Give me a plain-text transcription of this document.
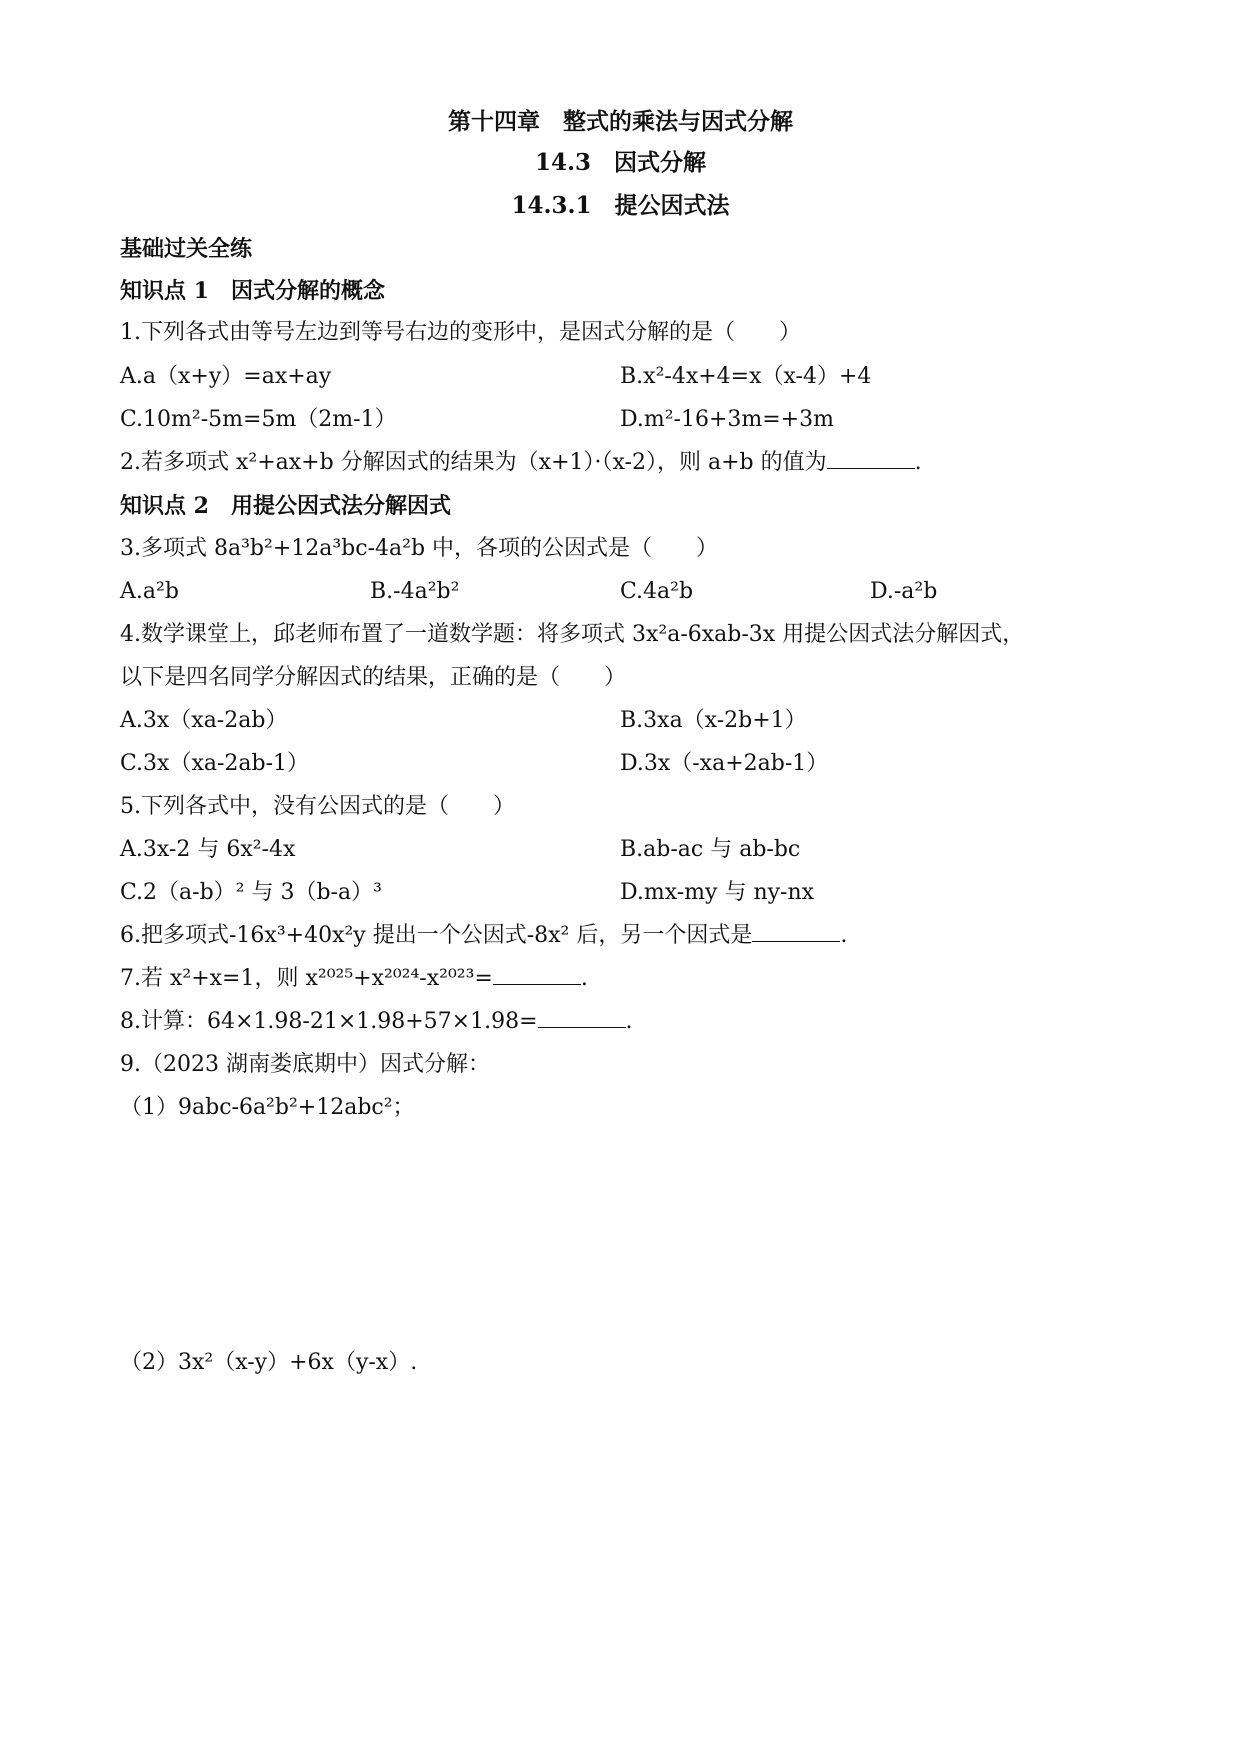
第十四章　整式的乘法与因式分解
14.3　因式分解
14.3.1　提公因式法
基础过关全练
知识点 1　因式分解的概念
1.下列各式由等号左边到等号右边的变形中，是因式分解的是（　　）
A.a（x+y）=ax+ay	B.x²-4x+4=x（x-4）+4
C.10m²-5m=5m（2m-1）	D.m²-16+3m=+3m
2.若多项式 x²+ax+b 分解因式的结果为（x+1）·（x-2），则 a+b 的值为	.
知识点 2　用提公因式法分解因式
3.多项式 8a³b²+12a³bc-4a²b 中，各项的公因式是（　　）
A.a²b	B.-4a²b²	C.4a²b	D.-a²b
4.数学课堂上，邱老师布置了一道数学题：将多项式 3x²a-6xab-3x 用提公因式法分解因式，
以下是四名同学分解因式的结果，正确的是（　　）
A.3x（xa-2ab）	B.3xa（x-2b+1）
C.3x（xa-2ab-1）	D.3x（-xa+2ab-1）
5.下列各式中，没有公因式的是（　　）
A.3x-2 与 6x²-4x	B.ab-ac 与 ab-bc
C.2（a-b）² 与 3（b-a）³	D.mx-my 与 ny-nx
6.把多项式-16x³+40x²y 提出一个公因式-8x² 后，另一个因式是	.
7.若 x²+x=1，则 x²⁰²⁵+x²⁰²⁴-x²⁰²³=	.
8.计算：64×1.98-21×1.98+57×1.98=	.
9.（2023 湖南娄底期中）因式分解：
（1）9abc-6a²b²+12abc²；
（2）3x²（x-y）+6x（y-x）.
